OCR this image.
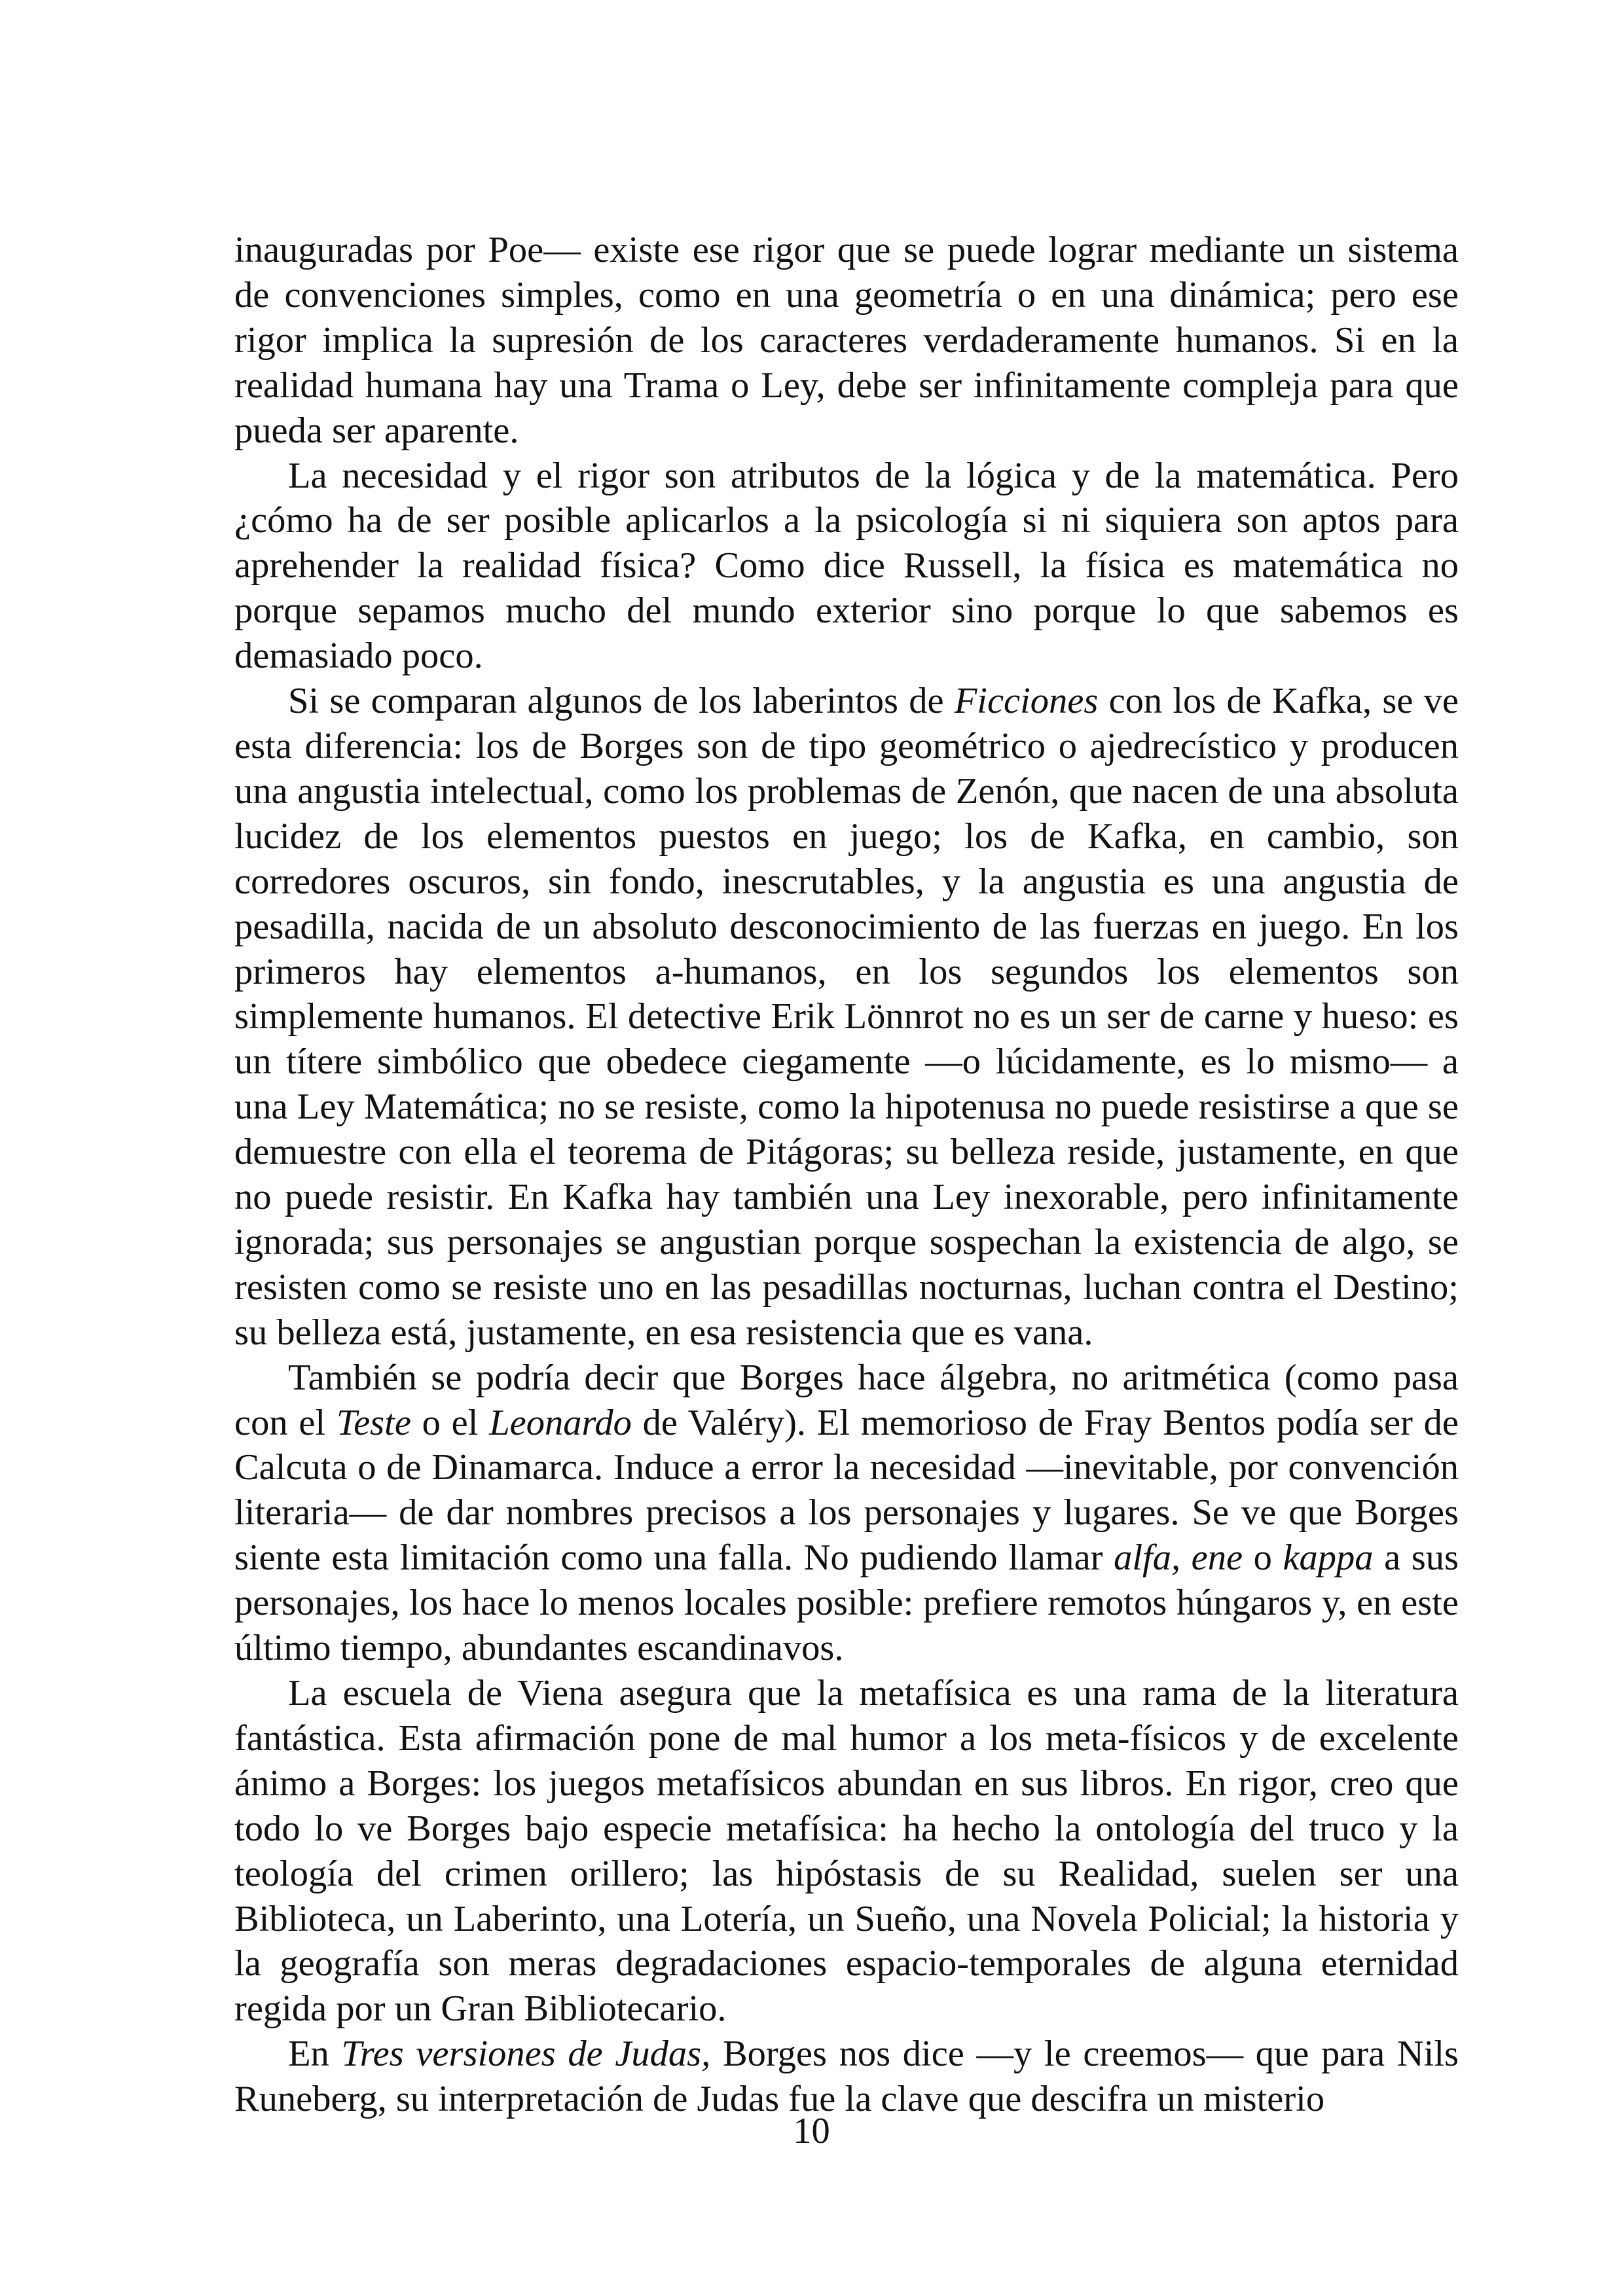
inauguradas por Poe— existe ese rigor que se puede lograr mediante un sistema de convenciones simples, como en una geometría o en una dinámica; pero ese rigor implica la supresión de los caracteres verdaderamente humanos. Si en la realidad humana hay una Trama o Ley, debe ser infinitamente compleja para que pueda ser aparente.

La necesidad y el rigor son atributos de la lógica y de la matemática. Pero ¿cómo ha de ser posible aplicarlos a la psicología si ni siquiera son aptos para aprehender la realidad física? Como dice Russell, la física es matemática no porque sepamos mucho del mundo exterior sino porque lo que sabemos es demasiado poco.

Si se comparan algunos de los laberintos de Ficciones con los de Kafka, se ve esta diferencia: los de Borges son de tipo geométrico o ajedrecístico y producen una angustia intelectual, como los problemas de Zenón, que nacen de una absoluta lucidez de los elementos puestos en juego; los de Kafka, en cambio, son corredores oscuros, sin fondo, inescrutables, y la angustia es una angustia de pesadilla, nacida de un absoluto desconocimiento de las fuerzas en juego. En los primeros hay elementos a-humanos, en los segundos los elementos son simplemente humanos. El detective Erik Lönnrot no es un ser de carne y hueso: es un títere simbólico que obedece ciegamente —o lúcidamente, es lo mismo— a una Ley Matemática; no se resiste, como la hipotenusa no puede resistirse a que se demuestre con ella el teorema de Pitágoras; su belleza reside, justamente, en que no puede resistir. En Kafka hay también una Ley inexorable, pero infinitamente ignorada; sus personajes se angustian porque sospechan la existencia de algo, se resisten como se resiste uno en las pesadillas nocturnas, luchan contra el Destino; su belleza está, justamente, en esa resistencia que es vana.

También se podría decir que Borges hace álgebra, no aritmética (como pasa con el Teste o el Leonardo de Valéry). El memorioso de Fray Bentos podía ser de Calcuta o de Dinamarca. Induce a error la necesidad —inevitable, por convención literaria— de dar nombres precisos a los personajes y lugares. Se ve que Borges siente esta limitación como una falla. No pudiendo llamar alfa, ene o kappa a sus personajes, los hace lo menos locales posible: prefiere remotos húngaros y, en este último tiempo, abundantes escandinavos.

La escuela de Viena asegura que la metafísica es una rama de la literatura fantástica. Esta afirmación pone de mal humor a los meta-físicos y de excelente ánimo a Borges: los juegos metafísicos abundan en sus libros. En rigor, creo que todo lo ve Borges bajo especie metafísica: ha hecho la ontología del truco y la teología del crimen orillero; las hipóstasis de su Realidad, suelen ser una Biblioteca, un Laberinto, una Lotería, un Sueño, una Novela Policial; la historia y la geografía son meras degradaciones espacio-temporales de alguna eternidad regida por un Gran Bibliotecario.

En Tres versiones de Judas, Borges nos dice —y le creemos— que para Nils Runeberg, su interpretación de Judas fue la clave que descifra un misterio

10
